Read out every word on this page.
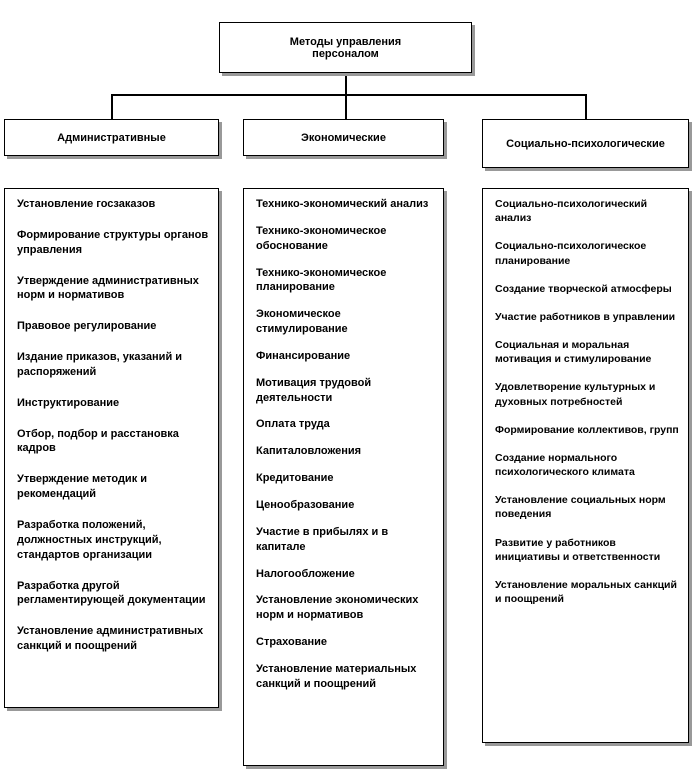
Методы управления
персоналом
Административные	Экономические	Социально-психологические
Установление госзаказов
Формирование структуры органов управления
Утверждение административных норм и нормативов
Правовое регулирование
Издание приказов, указаний и распоряжений
Инструктирование
Отбор, подбор и расстановка кадров
Утверждение методик и рекомендаций
Разработка положений, должностных инструкций, стандартов организации
Разработка другой регламентирующей документации
Установление административных санкций и поощрений
Технико-экономический анализ
Технико-экономическое обоснование
Технико-экономическое планирование
Экономическое стимулирование
Финансирование
Мотивация трудовой деятельности
Оплата труда
Капиталовложения
Кредитование
Ценообразование
Участие в прибылях и в капитале
Налогообложение
Установление экономических норм и нормативов
Страхование
Установление материальных санкций и поощрений
Социально-психологический анализ
Социально-психологическое планирование
Создание творческой атмосферы
Участие работников в управлении
Социальная и моральная мотивация и стимулирование
Удовлетворение культурных и духовных потребностей
Формирование коллективов, групп
Создание нормального психологического климата
Установление социальных норм поведения
Развитие у работников инициативы и ответственности
Установление моральных санкций и поощрений
